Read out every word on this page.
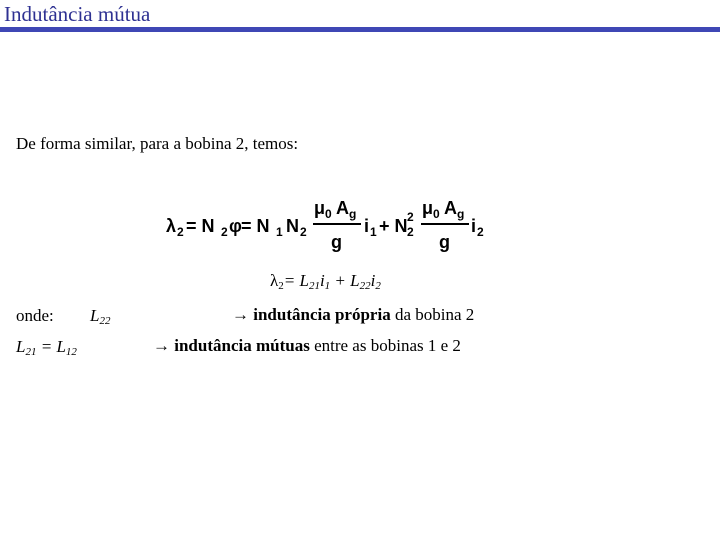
Indutância mútua
De forma similar, para a bobina 2, temos:
λ 2 = N 2 φ = N 1 N 2
μ 0 A g
g
i 1 + N 2
2
μ 0 A g
g
i 2
λ2= L21i1 + L22i2
onde: L22	→ indutância própria da bobina 2
L21 = L12	→ indutância mútuas entre as bobinas 1 e 2
